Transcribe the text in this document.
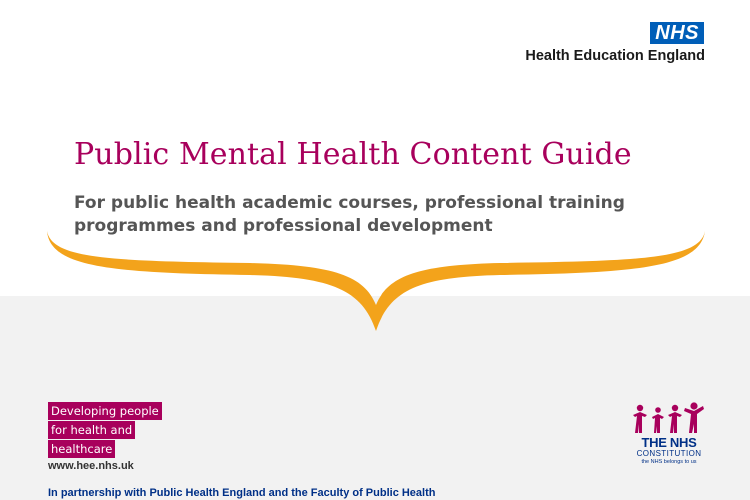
NHS
Health Education England
Public Mental Health Content Guide
For public health academic courses, professional training programmes and professional development
Developing people
for health and
healthcare
www.hee.nhs.uk
In partnership with Public Health England and the Faculty of Public Health
THE NHS
CONSTITUTION
the NHS belongs to us
